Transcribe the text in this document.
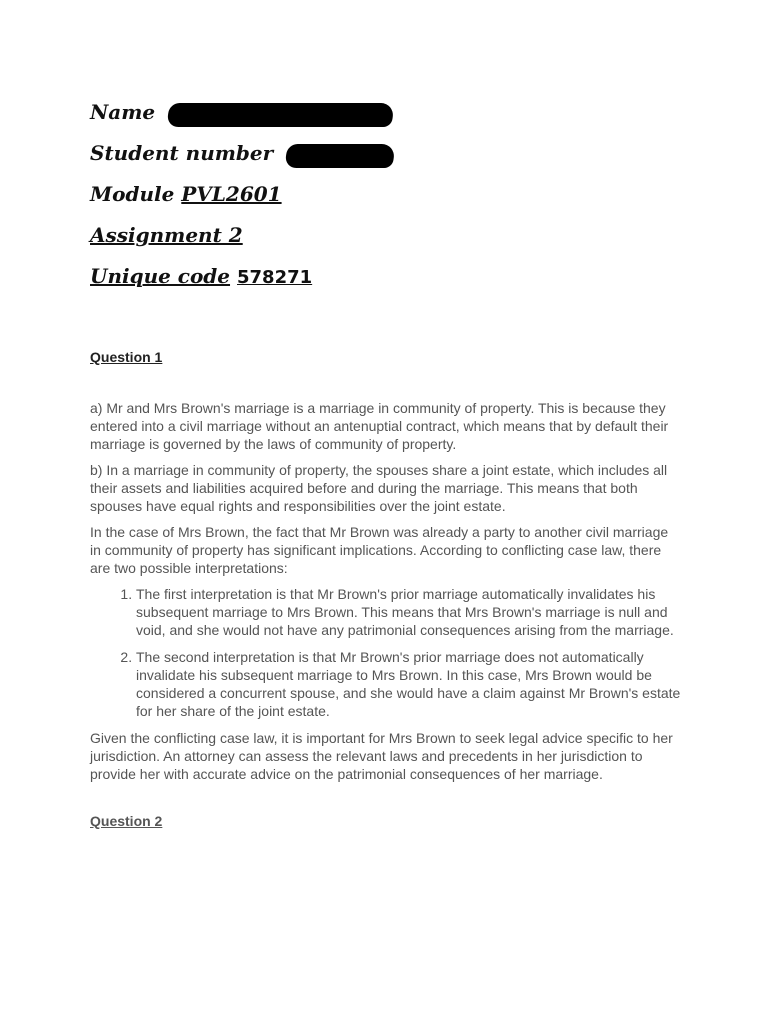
Name
Student number
Module PVL2601
Assignment 2
Unique code 578271

Question 1

a) Mr and Mrs Brown's marriage is a marriage in community of property. This is because they entered into a civil marriage without an antenuptial contract, which means that by default their marriage is governed by the laws of community of property.

b) In a marriage in community of property, the spouses share a joint estate, which includes all their assets and liabilities acquired before and during the marriage. This means that both spouses have equal rights and responsibilities over the joint estate.

In the case of Mrs Brown, the fact that Mr Brown was already a party to another civil marriage in community of property has significant implications. According to conflicting case law, there are two possible interpretations:

1. The first interpretation is that Mr Brown's prior marriage automatically invalidates his subsequent marriage to Mrs Brown. This means that Mrs Brown's marriage is null and void, and she would not have any patrimonial consequences arising from the marriage.
2. The second interpretation is that Mr Brown's prior marriage does not automatically invalidate his subsequent marriage to Mrs Brown. In this case, Mrs Brown would be considered a concurrent spouse, and she would have a claim against Mr Brown's estate for her share of the joint estate.

Given the conflicting case law, it is important for Mrs Brown to seek legal advice specific to her jurisdiction. An attorney can assess the relevant laws and precedents in her jurisdiction to provide her with accurate advice on the patrimonial consequences of her marriage.

Question 2
